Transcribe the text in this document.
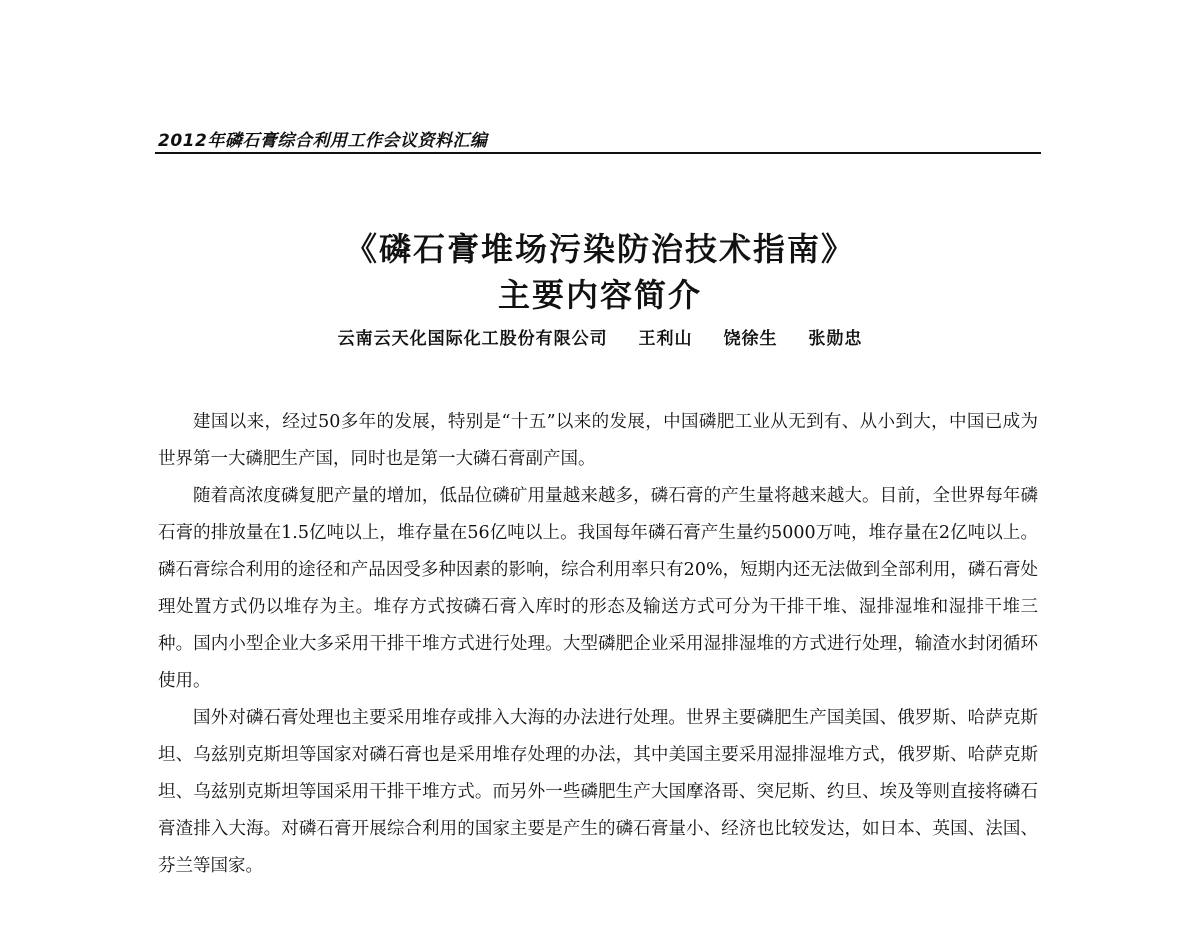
2012年磷石膏综合利用工作会议资料汇编
《磷石膏堆场污染防治技术指南》
主要内容简介
云南云天化国际化工股份有限公司 王利山 饶徐生 张勋忠

建国以来，经过50多年的发展，特别是“十五”以来的发展，中国磷肥工业从无到有、从小到大，中国已成为世界第一大磷肥生产国，同时也是第一大磷石膏副产国。

随着高浓度磷复肥产量的增加，低品位磷矿用量越来越多，磷石膏的产生量将越来越大。目前，全世界每年磷石膏的排放量在1.5亿吨以上，堆存量在56亿吨以上。我国每年磷石膏产生量约5000万吨，堆存量在2亿吨以上。磷石膏综合利用的途径和产品因受多种因素的影响，综合利用率只有20%，短期内还无法做到全部利用，磷石膏处理处置方式仍以堆存为主。堆存方式按磷石膏入库时的形态及输送方式可分为干排干堆、湿排湿堆和湿排干堆三种。国内小型企业大多采用干排干堆方式进行处理。大型磷肥企业采用湿排湿堆的方式进行处理，输渣水封闭循环使用。

国外对磷石膏处理也主要采用堆存或排入大海的办法进行处理。世界主要磷肥生产国美国、俄罗斯、哈萨克斯坦、乌兹别克斯坦等国家对磷石膏也是采用堆存处理的办法，其中美国主要采用湿排湿堆方式，俄罗斯、哈萨克斯坦、乌兹别克斯坦等国采用干排干堆方式。而另外一些磷肥生产大国摩洛哥、突尼斯、约旦、埃及等则直接将磷石膏渣排入大海。对磷石膏开展综合利用的国家主要是产生的磷石膏量小、经济也比较发达，如日本、英国、法国、芬兰等国家。
